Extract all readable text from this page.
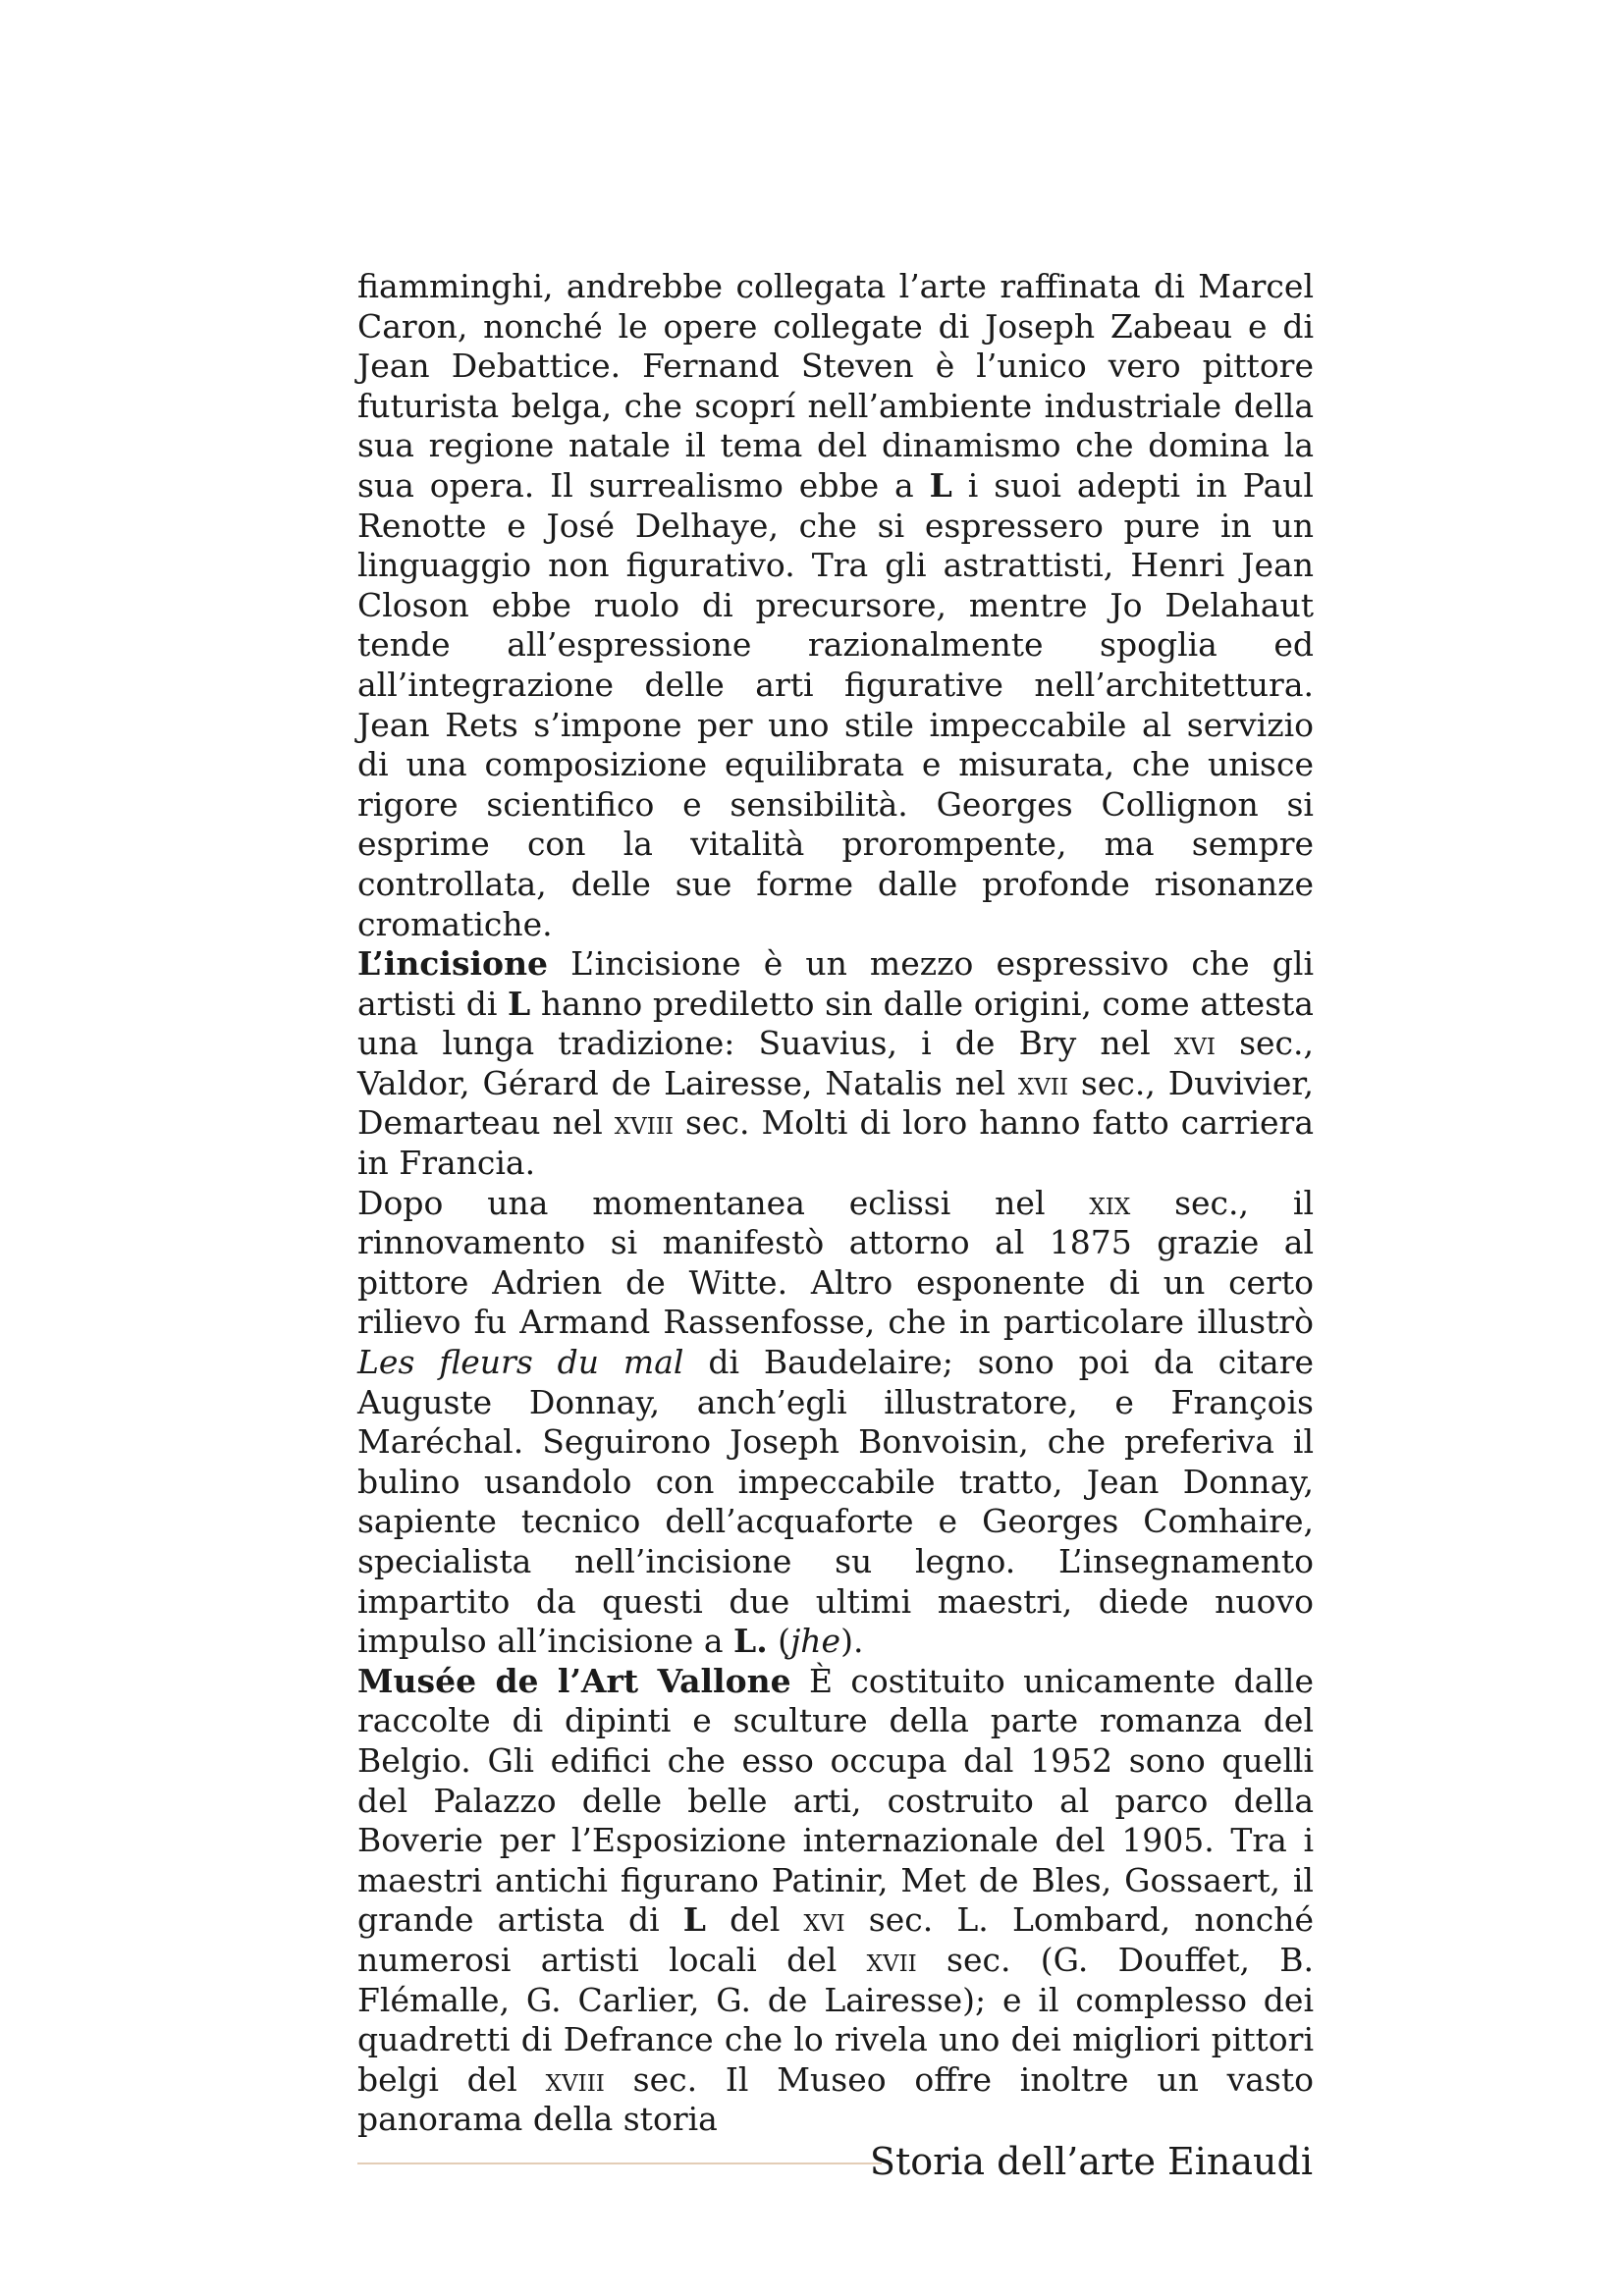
fiamminghi, andrebbe collegata l’arte raffinata di Marcel Caron, nonché le opere collegate di Joseph Zabeau e di Jean Debattice. Fernand Steven è l’unico vero pittore futurista belga, che scoprí nell’ambiente industriale della sua regione natale il tema del dinamismo che domina la sua opera. Il surrealismo ebbe a L i suoi adepti in Paul Renotte e José Delhaye, che si espressero pure in un linguaggio non figurativo. Tra gli astrattisti, Henri Jean Closon ebbe ruolo di precursore, mentre Jo Delahaut tende all’espressione razionalmente spoglia ed all’integrazione delle arti figurative nell’architettura. Jean Rets s’impone per uno stile impeccabile al servizio di una composizione equilibrata e misurata, che unisce rigore scientifico e sensibilità. Georges Collignon si esprime con la vitalità prorompente, ma sempre controllata, delle sue forme dalle profonde risonanze cromatiche.

L’incisione L’incisione è un mezzo espressivo che gli artisti di L hanno prediletto sin dalle origini, come attesta una lunga tradizione: Suavius, i de Bry nel xvi sec., Valdor, Gérard de Lairesse, Natalis nel xvii sec., Duvivier, Demarteau nel xviii sec. Molti di loro hanno fatto carriera in Francia.

Dopo una momentanea eclissi nel xix sec., il rinnovamento si manifestò attorno al 1875 grazie al pittore Adrien de Witte. Altro esponente di un certo rilievo fu Armand Rassenfosse, che in particolare illustrò Les fleurs du mal di Baudelaire; sono poi da citare Auguste Donnay, anch’egli illustratore, e François Maréchal. Seguirono Joseph Bonvoisin, che preferiva il bulino usandolo con impeccabile tratto, Jean Donnay, sapiente tecnico dell’acquaforte e Georges Comhaire, specialista nell’incisione su legno. L’insegnamento impartito da questi due ultimi maestri, diede nuovo impulso all’incisione a L. (jhe).

Musée de l’Art Vallone È costituito unicamente dalle raccolte di dipinti e sculture della parte romanza del Belgio. Gli edifici che esso occupa dal 1952 sono quelli del Palazzo delle belle arti, costruito al parco della Boverie per l’Esposizione internazionale del 1905. Tra i maestri antichi figurano Patinir, Met de Bles, Gossaert, il grande artista di L del xvi sec. L. Lombard, nonché numerosi artisti locali del xvii sec. (G. Douffet, B. Flémalle, G. Carlier, G. de Lairesse); e il complesso dei quadretti di Defrance che lo rivela uno dei migliori pittori belgi del xviii sec. Il Museo offre inoltre un vasto panorama della storia

Storia dell’arte Einaudi
